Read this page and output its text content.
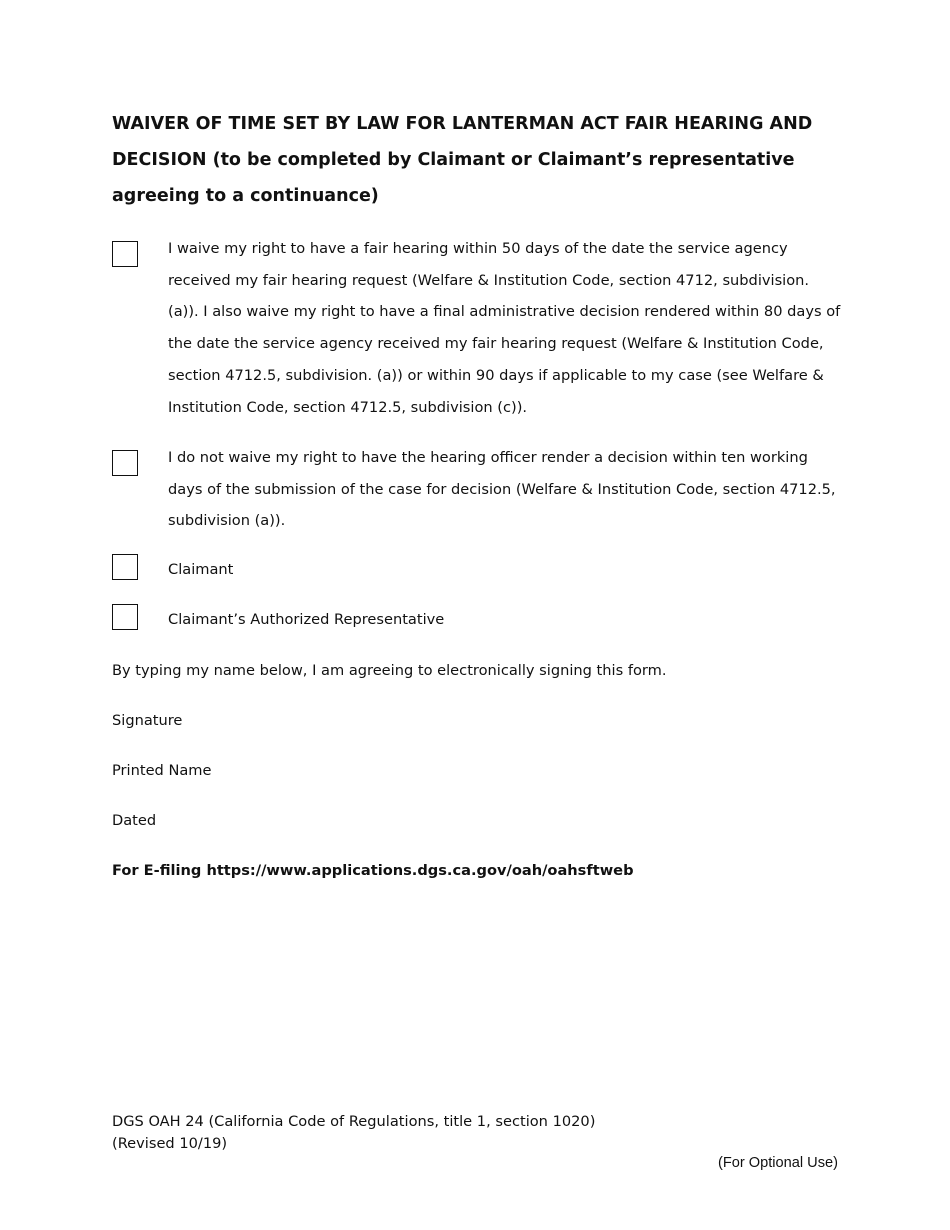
WAIVER OF TIME SET BY LAW FOR LANTERMAN ACT FAIR HEARING AND DECISION (to be completed by Claimant or Claimant’s representative agreeing to a continuance)

I waive my right to have a fair hearing within 50 days of the date the service agency received my fair hearing request (Welfare & Institution Code, section 4712, subdivision. (a)). I also waive my right to have a final administrative decision rendered within 80 days of the date the service agency received my fair hearing request (Welfare & Institution Code, section 4712.5, subdivision. (a)) or within 90 days if applicable to my case (see Welfare & Institution Code, section 4712.5, subdivision (c)).

I do not waive my right to have the hearing officer render a decision within ten working days of the submission of the case for decision (Welfare & Institution Code, section 4712.5, subdivision (a)).

Claimant

Claimant’s Authorized Representative

By typing my name below, I am agreeing to electronically signing this form.

Signature

Printed Name

Dated

For E-filing https://www.applications.dgs.ca.gov/oah/oahsftweb

DGS OAH 24 (California Code of Regulations, title 1, section 1020)

(Revised 10/19)

(For Optional Use)
